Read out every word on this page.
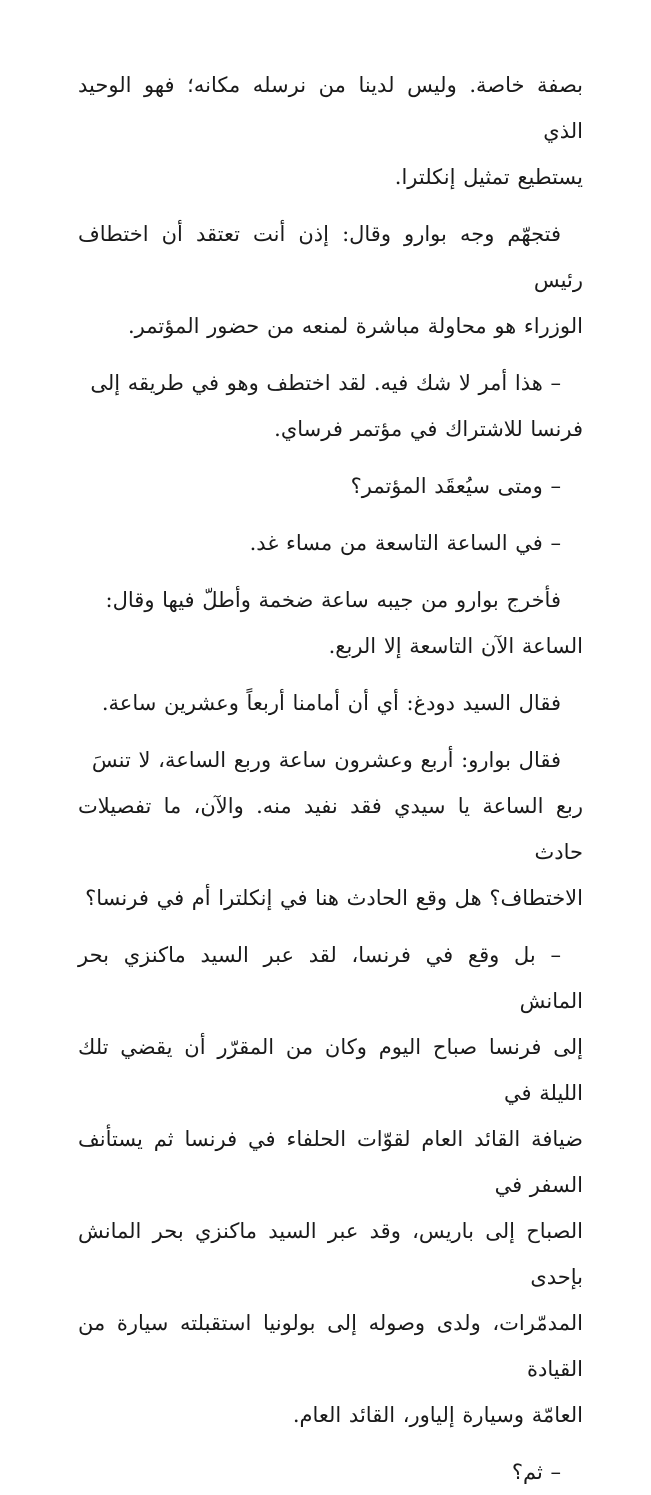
بصفة خاصة. وليس لدينا من نرسله مكانه؛ فهو الوحيد الذي
يستطيع تمثيل إنكلترا.

فتجهّم وجه بوارو وقال: إذن أنت تعتقد أن اختطاف رئيس
الوزراء هو محاولة مباشرة لمنعه من حضور المؤتمر.

– هذا أمر لا شك فيه. لقد اختطف وهو في طريقه إلى
فرنسا للاشتراك في مؤتمر فرساي.

– ومتى سيُعقَد المؤتمر؟

– في الساعة التاسعة من مساء غد.

فأخرج بوارو من جيبه ساعة ضخمة وأطلّ فيها وقال:
الساعة الآن التاسعة إلا الربع.

فقال السيد دودغ: أي أن أمامنا أربعاً وعشرين ساعة.

فقال بوارو: أربع وعشرون ساعة وربع الساعة، لا تنسَ
ربع الساعة يا سيدي فقد نفيد منه. والآن، ما تفصيلات حادث
الاختطاف؟ هل وقع الحادث هنا في إنكلترا أم في فرنسا؟

– بل وقع في فرنسا، لقد عبر السيد ماكنزي بحر المانش
إلى فرنسا صباح اليوم وكان من المقرّر أن يقضي تلك الليلة في
ضيافة القائد العام لقوّات الحلفاء في فرنسا ثم يستأنف السفر في
الصباح إلى باريس، وقد عبر السيد ماكنزي بحر المانش بإحدى
المدمّرات، ولدى وصوله إلى بولونيا استقبلته سيارة من القيادة
العامّة وسيارة إلياور، القائد العام.

– ثم؟
